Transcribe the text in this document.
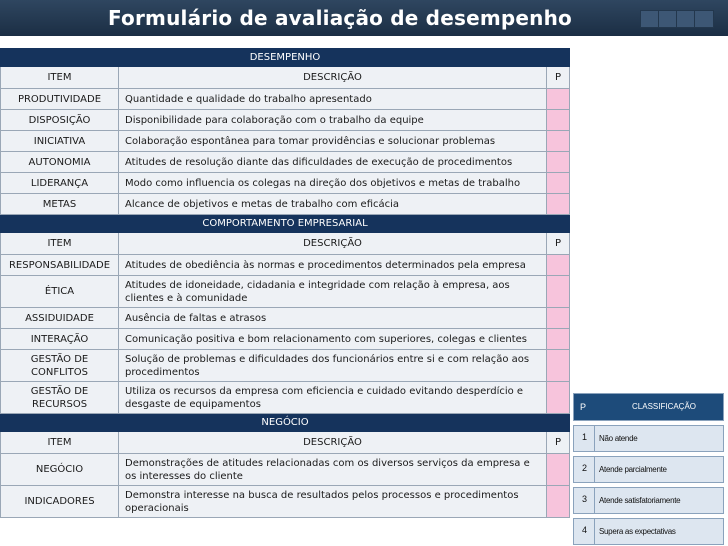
Formulário de avaliação de desempenho
DESEMPENHO		
ITEM	DESCRIÇÃO	P
PRODUTIVIDADE	Quantidade e qualidade do trabalho apresentado	
DISPOSIÇÃO	Disponibilidade para colaboração com o trabalho da equipe	
INICIATIVA	Colaboração espontânea para tomar providências e solucionar problemas	
AUTONOMIA	Atitudes de resolução diante das dificuldades de execução de procedimentos	
LIDERANÇA	Modo como influencia os colegas na direção dos objetivos e metas de trabalho	
METAS	Alcance de objetivos e metas de trabalho com eficácia	
COMPORTAMENTO EMPRESARIAL		
ITEM	DESCRIÇÃO	P
RESPONSABILIDADE	Atitudes de obediência às normas e procedimentos determinados pela empresa	
ÉTICA	Atitudes de idoneidade, cidadania e integridade com relação à empresa, aos clientes e à comunidade	
ASSIDUIDADE	Ausência de faltas e atrasos	
INTERAÇÃO	Comunicação positiva e bom relacionamento com superiores, colegas e clientes	
GESTÃO DE CONFLITOS	Solução de problemas e dificuldades dos funcionários entre si e com relação aos procedimentos	
GESTÃO DE RECURSOS	Utiliza os recursos da empresa com eficiencia e cuidado evitando desperdício e desgaste de equipamentos	
NEGÓCIO		
ITEM	DESCRIÇÃO	P
NEGÓCIO	Demonstrações de atitudes relacionadas com os diversos serviços da empresa e os interesses do cliente	
INDICADORES	Demonstra interesse na busca de resultados pelos processos e procedimentos operacionais	
P	CLASSIFICAÇÃO
1 Não atende
2 Atende parcialmente
3 Atende satisfatoriamente
4 Supera as expectativas
